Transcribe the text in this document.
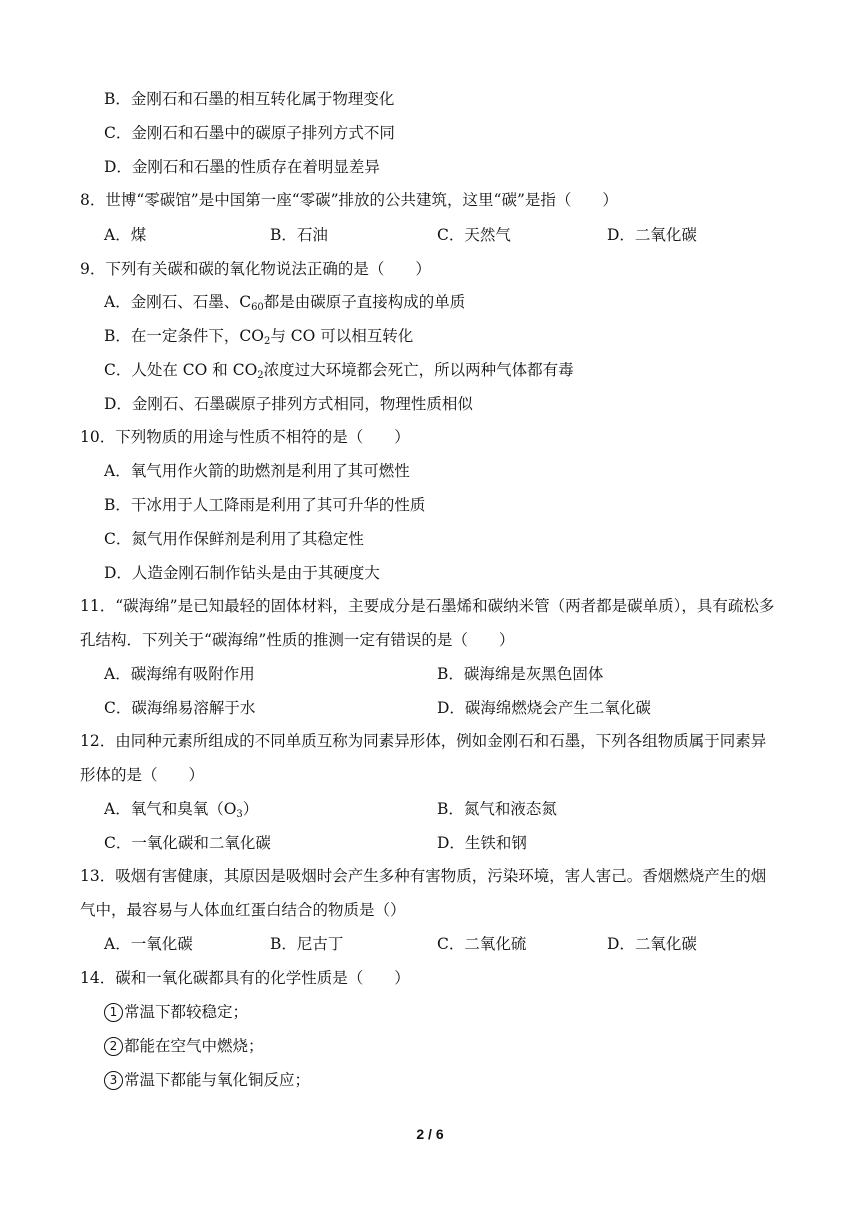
B．金刚石和石墨的相互转化属于物理变化
C．金刚石和石墨中的碳原子排列方式不同
D．金刚石和石墨的性质存在着明显差异
8．世博“零碳馆”是中国第一座“零碳”排放的公共建筑，这里“碳”是指（　　）
A．煤	B．石油	C．天然气	D．二氧化碳
9．下列有关碳和碳的氧化物说法正确的是（　　）
A．金刚石、石墨、$C_{60}$都是由碳原子直接构成的单质
B．在一定条件下，$CO_2$与 CO 可以相互转化
C．人处在 CO 和 $CO_2$浓度过大环境都会死亡，所以两种气体都有毒
D．金刚石、石墨碳原子排列方式相同，物理性质相似
10．下列物质的用途与性质不相符的是（　　）
A．氧气用作火箭的助燃剂是利用了其可燃性
B．干冰用于人工降雨是利用了其可升华的性质
C．氮气用作保鲜剂是利用了其稳定性
D．人造金刚石制作钻头是由于其硬度大
11．“碳海绵”是已知最轻的固体材料，主要成分是石墨烯和碳纳米管（两者都是碳单质），具有疏松多
孔结构．下列关于“碳海绵”性质的推测一定有错误的是（　　）
A．碳海绵有吸附作用	B．碳海绵是灰黑色固体
C．碳海绵易溶解于水	D．碳海绵燃烧会产生二氧化碳
12．由同种元素所组成的不同单质互称为同素异形体，例如金刚石和石墨，下列各组物质属于同素异
形体的是（　　）
A．氧气和臭氧$(O_3)$	B．氮气和液态氮
C．一氧化碳和二氧化碳	D．生铁和钢
13．吸烟有害健康，其原因是吸烟时会产生多种有害物质，污染环境，害人害己。香烟燃烧产生的烟
气中，最容易与人体血红蛋白结合的物质是（）
A．一氧化碳	B．尼古丁	C．二氧化硫	D．二氧化碳
14．碳和一氧化碳都具有的化学性质是（　　）
1 常温下都较稳定；
2 都能在空气中燃烧；
3 常温下都能与氧化铜反应；
2 / 6
